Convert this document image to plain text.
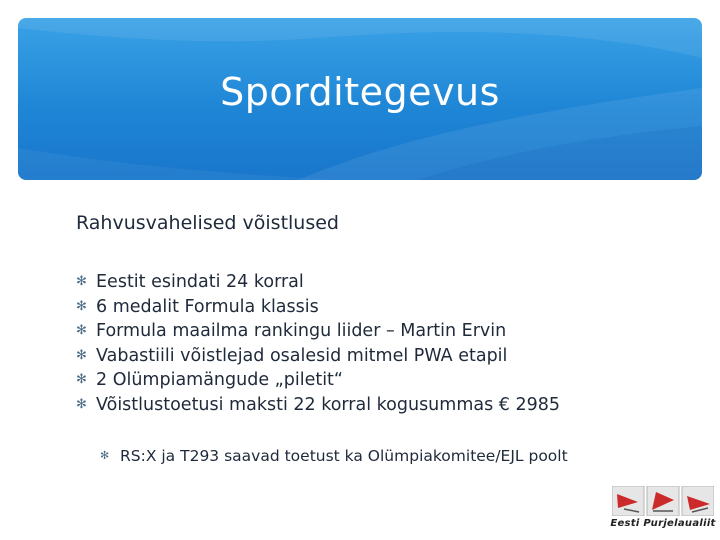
Sporditegevus
Rahvusvahelised võistlused
✻ Eestit esindati 24 korral
✻ 6 medalit Formula klassis
✻ Formula maailma rankingu liider – Martin Ervin
✻ Vabastiili võistlejad osalesid mitmel PWA etapil
✻ 2 Olümpiamängude „piletit“
✻ Võistlustoetusi maksti 22 korral kogusummas € 2985
✻ RS:X ja T293 saavad toetust ka Olümpiakomitee/EJL poolt
Eesti Purjelaualiit
